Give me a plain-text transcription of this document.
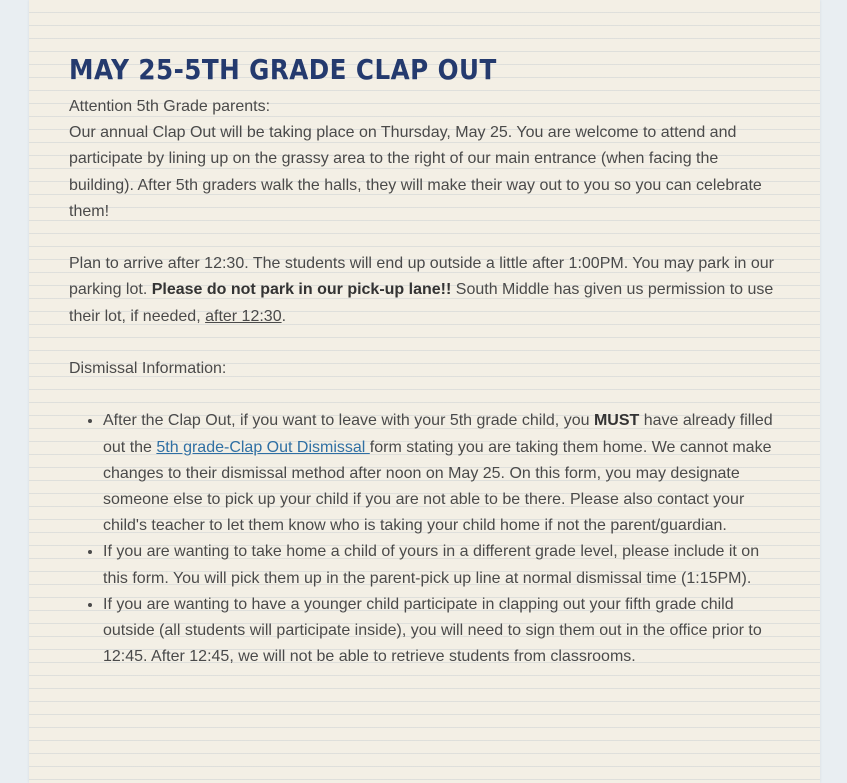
MAY 25-5TH GRADE CLAP OUT

Attention 5th Grade parents:

Our annual Clap Out will be taking place on Thursday, May 25. You are welcome to attend and participate by lining up on the grassy area to the right of our main entrance (when facing the building). After 5th graders walk the halls, they will make their way out to you so you can celebrate them!

Plan to arrive after 12:30. The students will end up outside a little after 1:00PM. You may park in our parking lot. Please do not park in our pick-up lane!! South Middle has given us permission to use their lot, if needed, after 12:30.

Dismissal Information:

• After the Clap Out, if you want to leave with your 5th grade child, you MUST have already filled out the 5th grade-Clap Out Dismissal form stating you are taking them home. We cannot make changes to their dismissal method after noon on May 25. On this form, you may designate someone else to pick up your child if you are not able to be there. Please also contact your child's teacher to let them know who is taking your child home if not the parent/guardian.
• If you are wanting to take home a child of yours in a different grade level, please include it on this form. You will pick them up in the parent-pick up line at normal dismissal time (1:15PM).
• If you are wanting to have a younger child participate in clapping out your fifth grade child outside (all students will participate inside), you will need to sign them out in the office prior to 12:45. After 12:45, we will not be able to retrieve students from classrooms.
